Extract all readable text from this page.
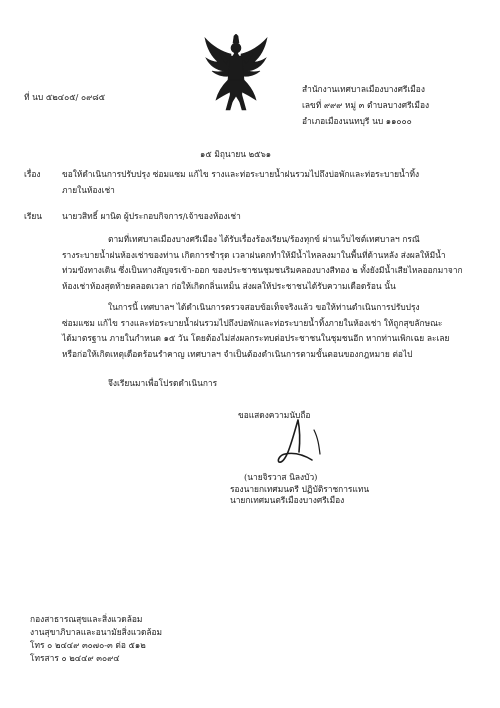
ที่ นบ ๕๒๔๐๕/ ๐๙๘๕
สำนักงานเทศบาลเมืองบางศรีเมือง
เลขที่ ๙๙๙ หมู่ ๓ ตำบลบางศรีเมือง
อำเภอเมืองนนทบุรี นบ ๑๑๐๐๐
๑๕ มิถุนายน ๒๕๖๑
เรื่อง	ขอให้ดำเนินการปรับปรุง ซ่อมแซม แก้ไข รางและท่อระบายน้ำฝนรวมไปถึงบ่อพักและท่อระบายน้ำทิ้ง
ภายในห้องเช่า
เรียน นายวสิทธิ์ ผานิต ผู้ประกอบกิจการ/เจ้าของห้องเช่า
ตามที่เทศบาลเมืองบางศรีเมือง ได้รับเรื่องร้องเรียน/ร้องทุกข์ ผ่านเว็บไซต์เทศบาลฯ กรณี
รางระบายน้ำฝนห้องเช่าของท่าน เกิดการชำรุด เวลาฝนตกทำให้มีน้ำไหลลงมาในพื้นที่ด้านหลัง ส่งผลให้มีน้ำ
ท่วมขังทางเดิน ซึ่งเป็นทางสัญจรเข้า-ออก ของประชาชนชุมชนริมคลองบางสีทอง ๒ ทั้งยังมีน้ำเสียไหลออกมาจาก
ห้องเช่าห้องสุดท้ายตลอดเวลา ก่อให้เกิดกลิ่นเหม็น ส่งผลให้ประชาชนได้รับความเดือดร้อน นั้น
ในการนี้ เทศบาลฯ ได้ดำเนินการตรวจสอบข้อเท็จจริงแล้ว ขอให้ท่านดำเนินการปรับปรุง
ซ่อมแซม แก้ไข รางและท่อระบายน้ำฝนรวมไปถึงบ่อพักและท่อระบายน้ำทิ้งภายในห้องเช่า ให้ถูกสุขลักษณะ
ได้มาตรฐาน ภายในกำหนด ๑๕ วัน โดยต้องไม่ส่งผลกระทบต่อประชาชนในชุมชนอีก หากท่านเพิกเฉย ละเลย
หรือก่อให้เกิดเหตุเดือดร้อนรำคาญ เทศบาลฯ จำเป็นต้องดำเนินการตามขั้นตอนของกฎหมาย ต่อไป
จึงเรียนมาเพื่อโปรดดำเนินการ
ขอแสดงความนับถือ
(นายจิรวาส นิลงบัว)
รองนายกเทศมนตรี ปฏิบัติราชการแทน
นายกเทศมนตรีเมืองบางศรีเมือง
กองสาธารณสุขและสิ่งแวดล้อม
งานสุขาภิบาลและอนามัยสิ่งแวดล้อม
โทร ๐ ๒๔๔๙ ๓๐๗๐-๓ ต่อ ๕๑๒
โทรสาร ๐ ๒๔๔๙ ๓๐๙๔
